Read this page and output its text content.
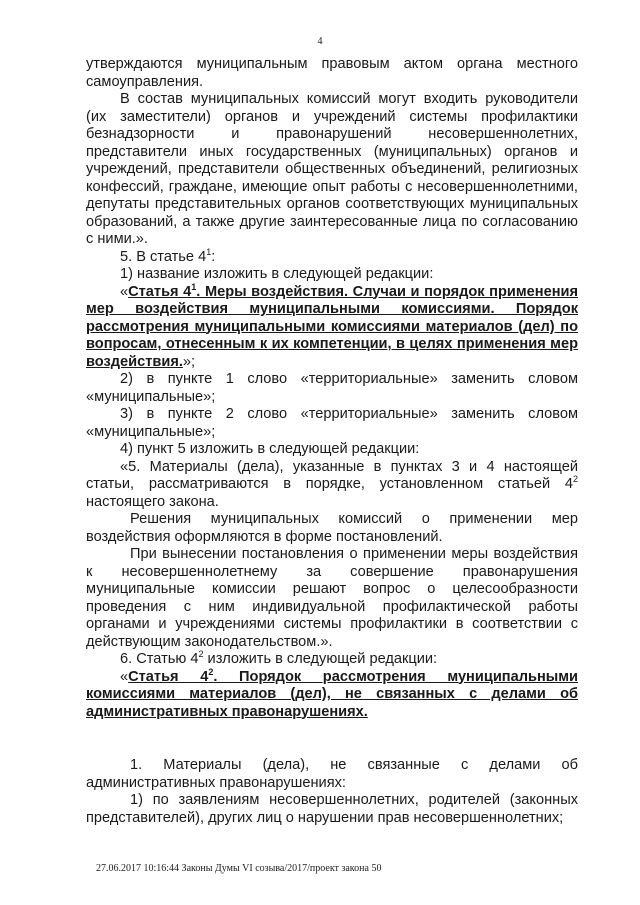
4

утверждаются муниципальным правовым актом органа местного самоуправления.

В состав муниципальных комиссий могут входить руководители (их заместители) органов и учреждений системы профилактики безнадзорности и правонарушений несовершеннолетних, представители иных государственных (муниципальных) органов и учреждений, представители общественных объединений, религиозных конфессий, граждане, имеющие опыт работы с несовершеннолетними, депутаты представительных органов соответствующих муниципальных образований, а также другие заинтересованные лица по согласованию с ними.».

5. В статье $4^1$:

1) название изложить в следующей редакции:

«Статья $4^1$. Меры воздействия. Случаи и порядок применения мер воздействия муниципальными комиссиями. Порядок рассмотрения муниципальными комиссиями материалов (дел) по вопросам, отнесенным к их компетенции, в целях применения мер воздействия.»;

2) в пункте 1 слово «территориальные» заменить словом «муниципальные»;

3) в пункте 2 слово «территориальные» заменить словом «муниципальные»;

4) пункт 5 изложить в следующей редакции:

«5. Материалы (дела), указанные в пунктах 3 и 4 настоящей статьи, рассматриваются в порядке, установленном статьей $4^2$ настоящего закона.

Решения муниципальных комиссий о применении мер воздействия оформляются в форме постановлений.

При вынесении постановления о применении меры воздействия к несовершеннолетнему за совершение правонарушения муниципальные комиссии решают вопрос о целесообразности проведения с ним индивидуальной профилактической работы органами и учреждениями системы профилактики в соответствии с действующим законодательством.».

6. Статью $4^2$ изложить в следующей редакции:

«Статья $4^2$. Порядок рассмотрения муниципальными комиссиями материалов (дел), не связанных с делами об административных правонарушениях.

1. Материалы (дела), не связанные с делами об административных правонарушениях:

1) по заявлениям несовершеннолетних, родителей (законных представителей), других лиц о нарушении прав несовершеннолетних;

27.06.2017 10:16:44 Законы Думы VI созыва/2017/проект закона 50
